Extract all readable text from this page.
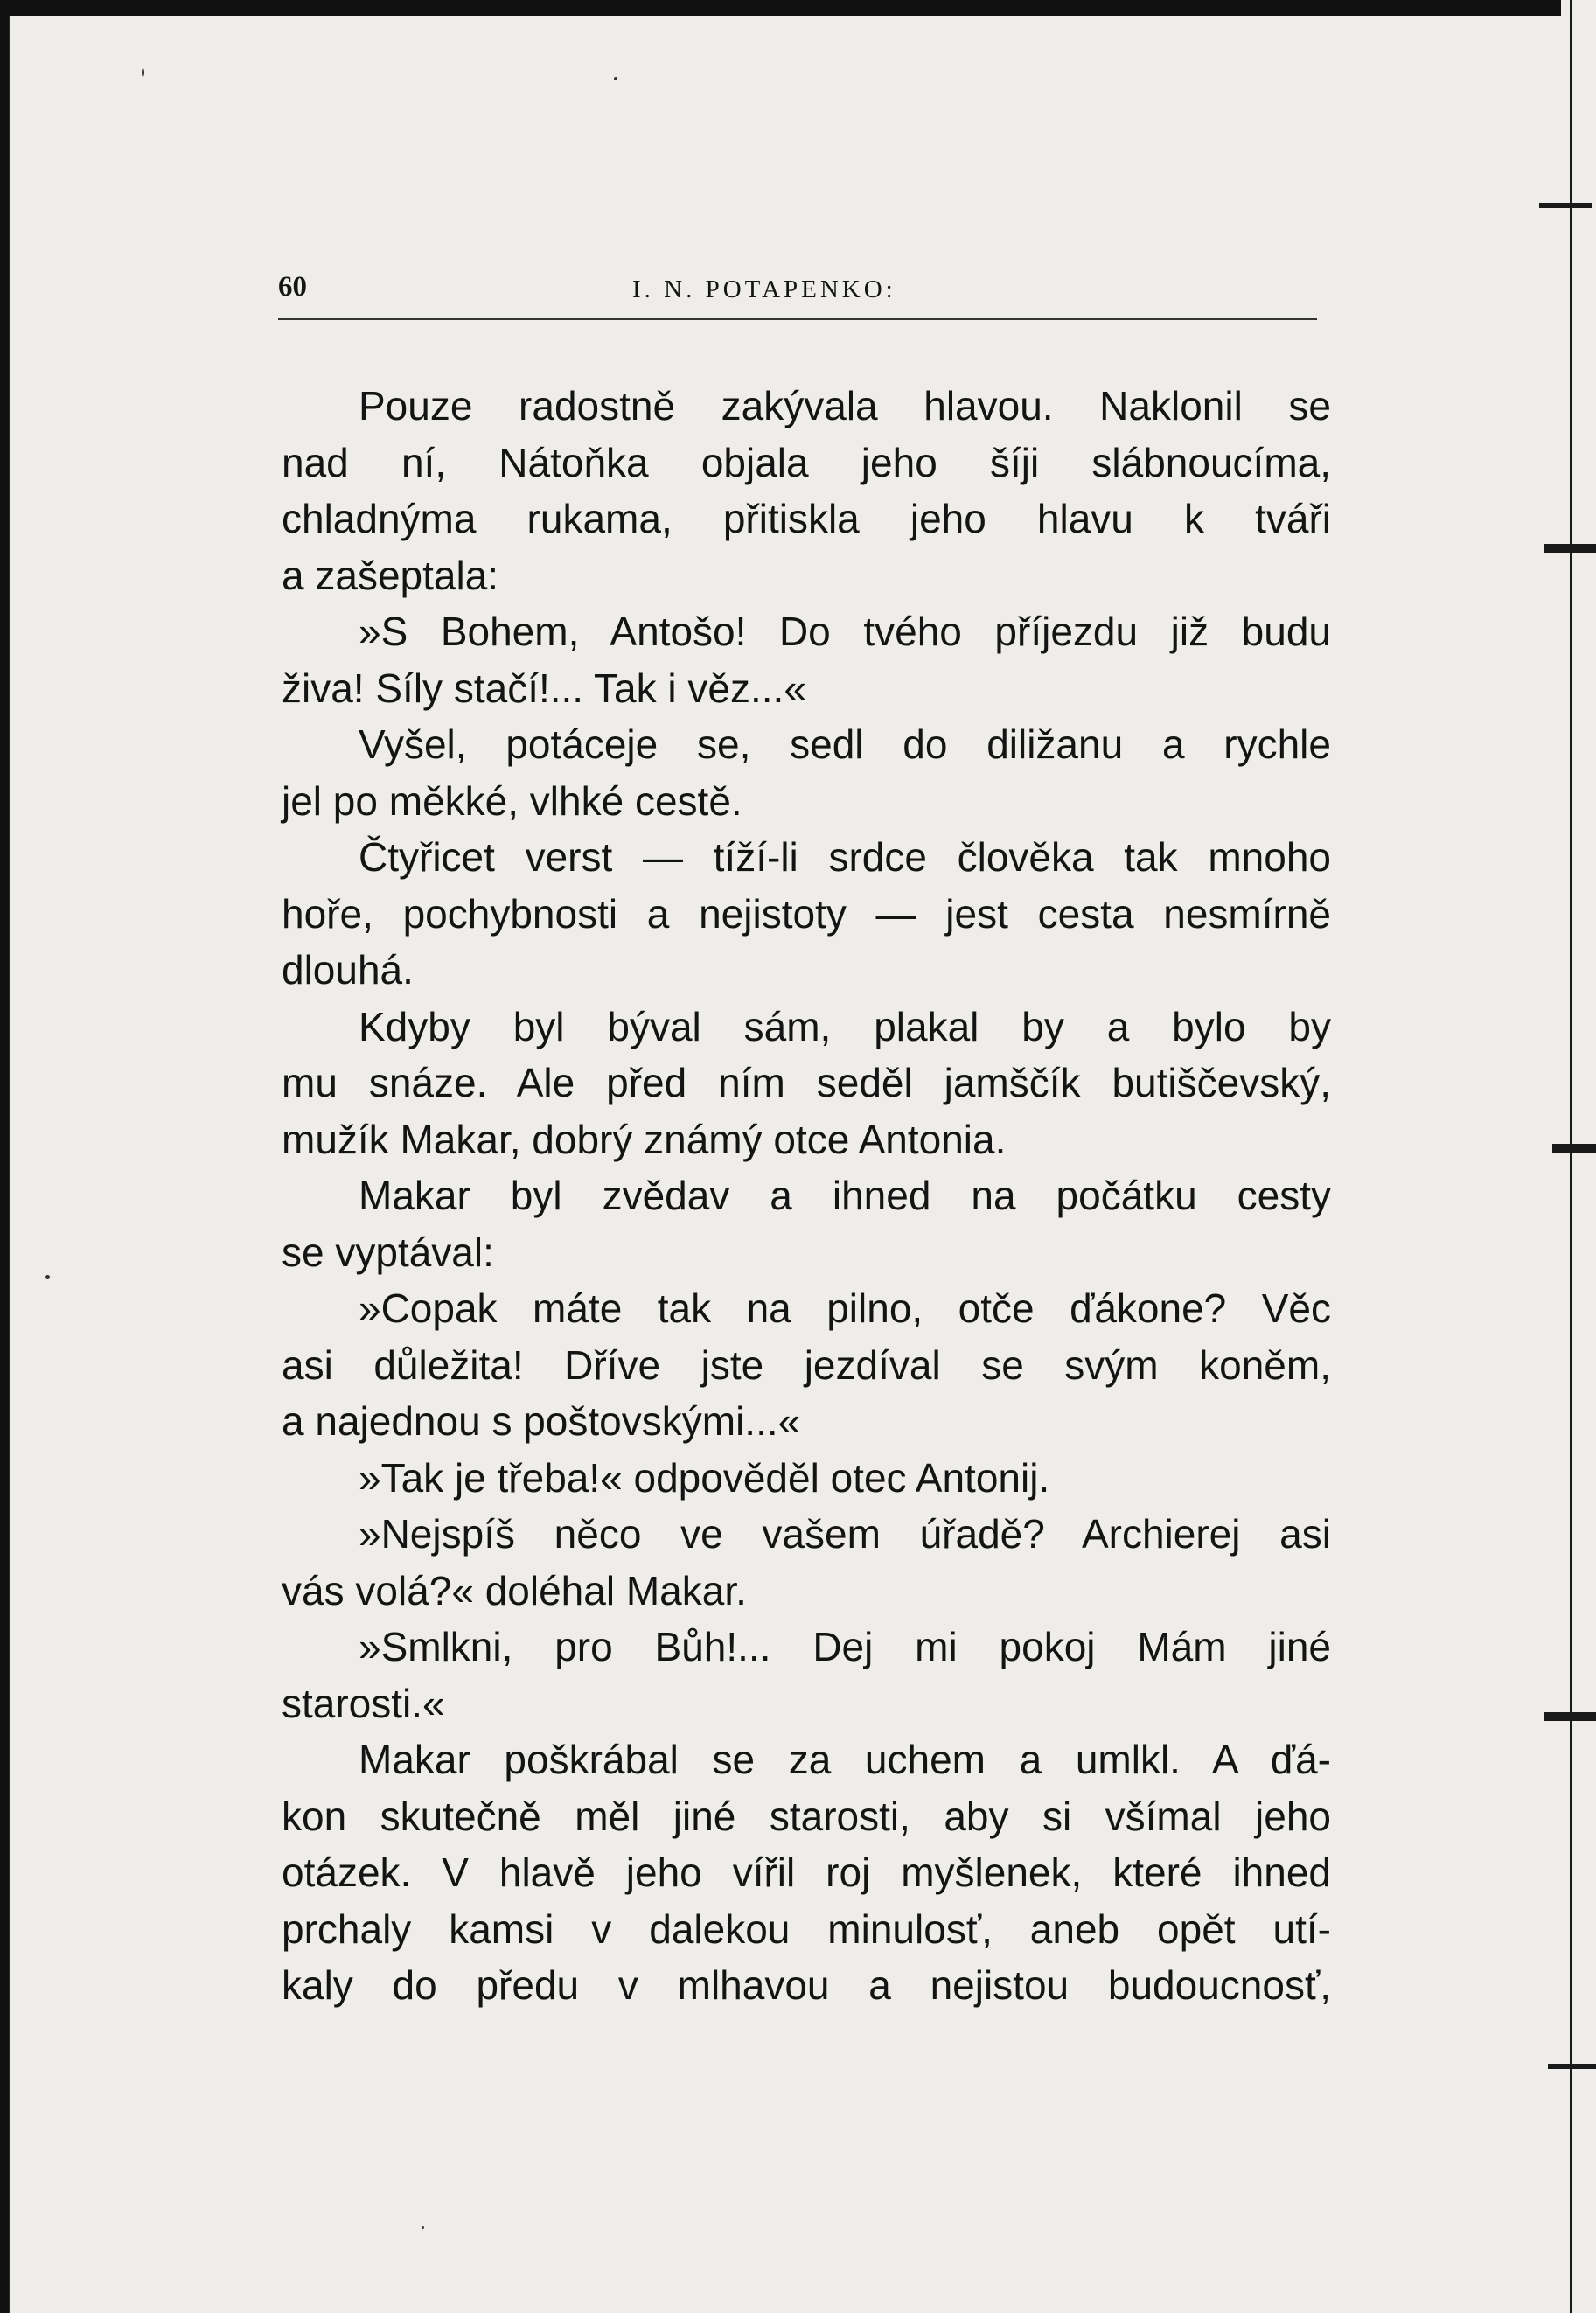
60	I. N. POTAPENKO:
Pouze radostně zakývala hlavou. Naklonil se
nad ní, Nátoňka objala jeho šíji slábnoucíma,
chladnýma rukama, přitiskla jeho hlavu k tváři
a zašeptala:
»S Bohem, Antošo! Do tvého příjezdu již budu
živa! Síly stačí!... Tak i věz...«
Vyšel, potáceje se, sedl do diližanu a rychle
jel po měkké, vlhké cestě.
Čtyřicet verst — tíží-li srdce člověka tak mnoho
hoře, pochybnosti a nejistoty — jest cesta nesmírně
dlouhá.
Kdyby byl býval sám, plakal by a bylo by
mu snáze. Ale před ním seděl jamščík butiščevský,
mužík Makar, dobrý známý otce Antonia.
Makar byl zvědav a ihned na počátku cesty
se vyptával:
»Copak máte tak na pilno, otče ďákone? Věc
asi důležita! Dříve jste jezdíval se svým koněm,
a najednou s poštovskými...«
»Tak je třeba!« odpověděl otec Antonij.
»Nejspíš něco ve vašem úřadě? Archierej asi
vás volá?« doléhal Makar.
»Smlkni, pro Bůh!... Dej mi pokoj Mám jiné
starosti.«
Makar poškrábal se za uchem a umlkl. A ďá-
kon skutečně měl jiné starosti, aby si všímal jeho
otázek. V hlavě jeho vířil roj myšlenek, které ihned
prchaly kamsi v dalekou minulosť, aneb opět utí-
kaly do předu v mlhavou a nejistou budoucnosť,
